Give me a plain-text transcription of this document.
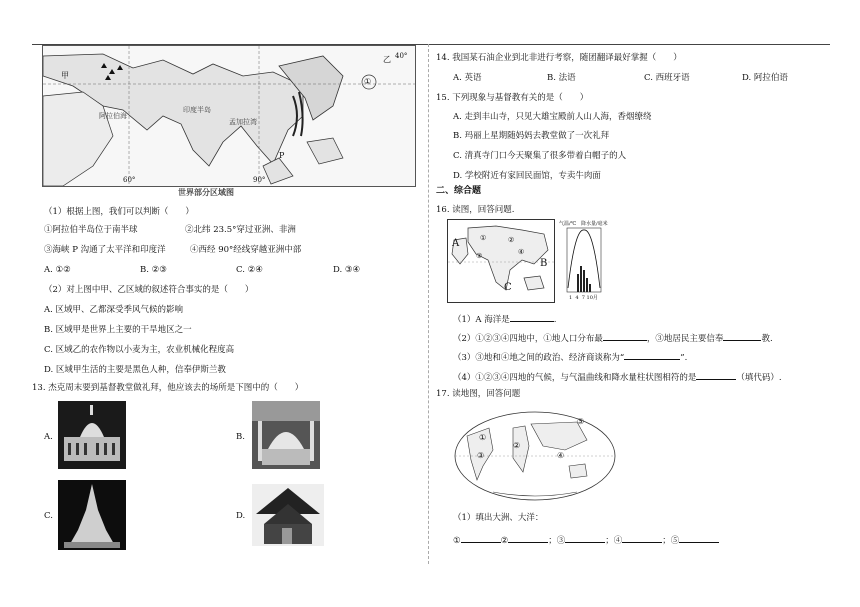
甲
乙 40°
①
P
阿拉伯海
印度半岛
孟加拉湾
60°	90°
世界部分区域图
（1）根据上图，我们可以判断（　　）
①阿拉伯半岛位于南半球	②北纬 23.5°穿过亚洲、非洲
③海峡 P 沟通了太平洋和印度洋	④西经 90°经线穿越亚洲中部
A. ①②	B. ②③	C. ②④	D. ③④
（2）对上图中甲、乙区域的叙述符合事实的是（　　）
A. 区域甲、乙都深受季风气候的影响
B. 区域甲是世界上主要的干旱地区之一
C. 区域乙的农作物以小麦为主，农业机械化程度高
D. 区域甲生活的主要是黑色人种，信奉伊斯兰教
13. 杰克周末要到基督教堂做礼拜，他应该去的场所是下图中的（　　）
A.	B.
C.	D.
14. 我国某石油企业到北非进行考察，随团翻译最好掌握（　　）
A. 英语	B. 法语	C. 西班牙语	D. 阿拉伯语
15. 下列现象与基督教有关的是（　　）
A. 走到丰山寺，只见大雄宝殿前人山人海，香烟缭绕
B. 玛丽上星期随妈妈去教堂做了一次礼拜
C. 清真寺门口今天聚集了很多带着白帽子的人
D. 学校附近有家回民面馆，专卖牛肉面
二、综合题
16. 读图，回答问题.
A
B
C
①	②
③	④
气温/℃ 降水量/毫米
1 4 7 10月
（1）A 海洋是	.
（2）①②③④四地中，①地人口分布最	，③地居民主要信奉	教.
（3）③地和④地之间的政治、经济商谈称为“	”.
（4）①②③④四地的气候，与气温曲线和降水量柱状图相符的是	（填代码）.
17. 读地图，回答问题
①
②
③	④
⑤
（1）填出大洲、大洋：
①	②	；③	；④	；⑤
